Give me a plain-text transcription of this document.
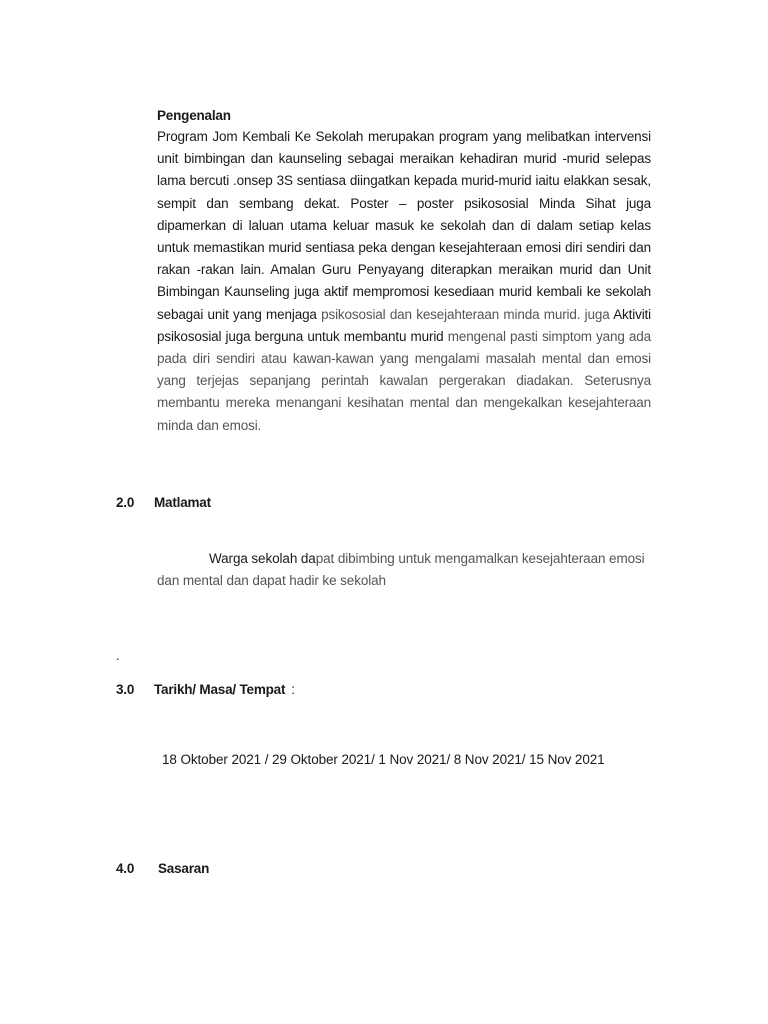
Pengenalan
Program Jom Kembali Ke Sekolah merupakan program yang melibatkan intervensi unit bimbingan dan kaunseling sebagai meraikan kehadiran murid -murid selepas lama bercuti .onsep 3S sentiasa diingatkan kepada murid-murid iaitu elakkan sesak, sempit dan sembang dekat. Poster – poster psikososial Minda Sihat juga dipamerkan di laluan utama keluar masuk ke sekolah dan di dalam setiap kelas untuk memastikan murid sentiasa peka dengan kesejahteraan emosi diri sendiri dan rakan -rakan lain. Amalan Guru Penyayang diterapkan meraikan murid dan Unit Bimbingan Kaunseling juga aktif mempromosi kesediaan murid kembali ke sekolah sebagai unit yang menjaga psikososial dan kesejahteraan minda murid. juga Aktiviti psikososial juga berguna untuk membantu murid mengenal pasti simptom yang ada pada diri sendiri atau kawan-kawan yang mengalami masalah mental dan emosi yang terjejas sepanjang perintah kawalan pergerakan diadakan. Seterusnya membantu mereka menangani kesihatan mental dan mengekalkan kesejahteraan minda dan emosi.
2.0 Matlamat
Warga sekolah dapat dibimbing untuk mengamalkan kesejahteraan emosi dan mental dan dapat hadir ke sekolah
.
3.0 Tarikh/ Masa/ Tempat :
18 Oktober 2021 / 29 Oktober 2021/ 1 Nov 2021/ 8 Nov 2021/ 15 Nov 2021
4.0 Sasaran
